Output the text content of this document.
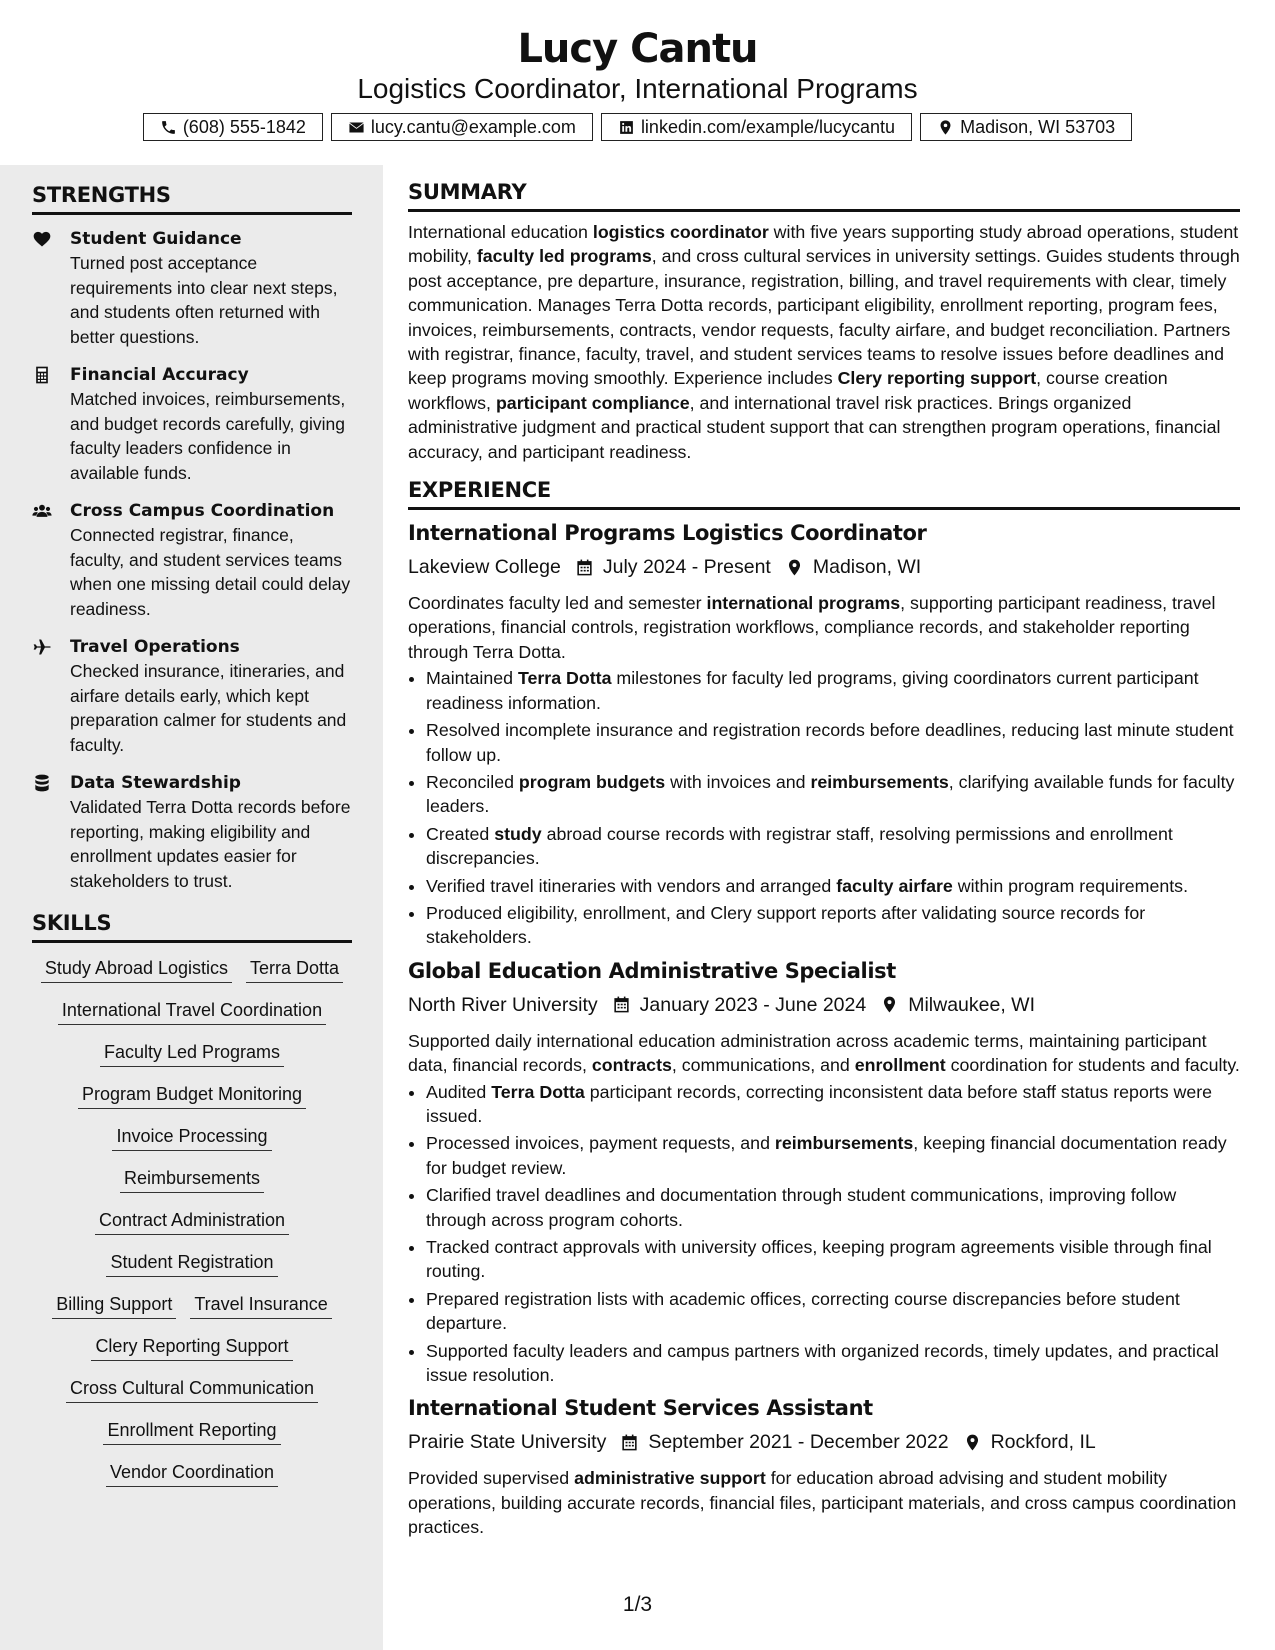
Lucy Cantu
Logistics Coordinator, International Programs
(608) 555-1842	lucy.cantu@example.com	linkedin.com/example/lucycantu	Madison, WI 53703
STRENGTHS
Student Guidance
Turned post acceptance requirements into clear next steps, and students often returned with better questions.
Financial Accuracy
Matched invoices, reimbursements, and budget records carefully, giving faculty leaders confidence in available funds.
Cross Campus Coordination
Connected registrar, finance, faculty, and student services teams when one missing detail could delay readiness.
Travel Operations
Checked insurance, itineraries, and airfare details early, which kept preparation calmer for students and faculty.
Data Stewardship
Validated Terra Dotta records before reporting, making eligibility and enrollment updates easier for stakeholders to trust.
SKILLS
Study Abroad Logistics Terra Dotta
International Travel Coordination
Faculty Led Programs
Program Budget Monitoring
Invoice Processing
Reimbursements
Contract Administration
Student Registration
Billing Support Travel Insurance
Clery Reporting Support
Cross Cultural Communication
Enrollment Reporting
Vendor Coordination
SUMMARY

International education logistics coordinator with five years supporting study abroad operations, student mobility, faculty led programs, and cross cultural services in university settings. Guides students through post acceptance, pre departure, insurance, registration, billing, and travel requirements with clear, timely communication. Manages Terra Dotta records, participant eligibility, enrollment reporting, program fees, invoices, reimbursements, contracts, vendor requests, faculty airfare, and budget reconciliation. Partners with registrar, finance, faculty, travel, and student services teams to resolve issues before deadlines and keep programs moving smoothly. Experience includes Clery reporting support, course creation workflows, participant compliance, and international travel risk practices. Brings organized administrative judgment and practical student support that can strengthen program operations, financial accuracy, and participant readiness.

EXPERIENCE
International Programs Logistics Coordinator
Lakeview College July 2024 - Present Madison, WI

Coordinates faculty led and semester international programs, supporting participant readiness, travel operations, financial controls, registration workflows, compliance records, and stakeholder reporting through Terra Dotta.

• Maintained Terra Dotta milestones for faculty led programs, giving coordinators current participant readiness information.
• Resolved incomplete insurance and registration records before deadlines, reducing last minute student follow up.
• Reconciled program budgets with invoices and reimbursements, clarifying available funds for faculty leaders.
• Created study abroad course records with registrar staff, resolving permissions and enrollment discrepancies.
• Verified travel itineraries with vendors and arranged faculty airfare within program requirements.
• Produced eligibility, enrollment, and Clery support reports after validating source records for stakeholders.
Global Education Administrative Specialist
North River University January 2023 - June 2024 Milwaukee, WI

Supported daily international education administration across academic terms, maintaining participant data, financial records, contracts, communications, and enrollment coordination for students and faculty.

• Audited Terra Dotta participant records, correcting inconsistent data before staff status reports were issued.
• Processed invoices, payment requests, and reimbursements, keeping financial documentation ready for budget review.
• Clarified travel deadlines and documentation through student communications, improving follow through across program cohorts.
• Tracked contract approvals with university offices, keeping program agreements visible through final routing.
• Prepared registration lists with academic offices, correcting course discrepancies before student departure.
• Supported faculty leaders and campus partners with organized records, timely updates, and practical issue resolution.
International Student Services Assistant
Prairie State University September 2021 - December 2022 Rockford, IL

Provided supervised administrative support for education abroad advising and student mobility operations, building accurate records, financial files, participant materials, and cross campus coordination practices.

1/3
